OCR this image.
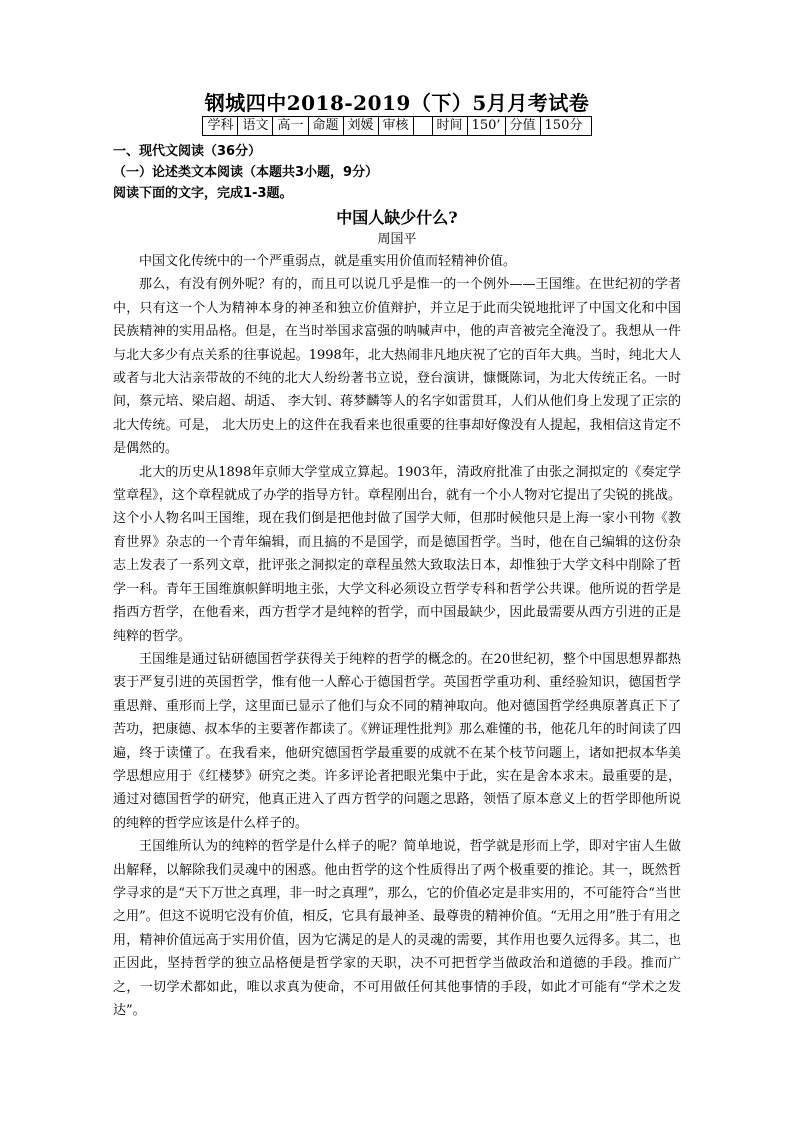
钢城四中2018-2019（下）5月月考试卷
学科	语文	高一	命题	刘媛	审核		时间	150’	分值	150分

一、现代文阅读（36分）

（一）论述类文本阅读（本题共3小题，9分）

阅读下面的文字，完成1-3题。

中国人缺少什么?

周国平

中国文化传统中的一个严重弱点，就是重实用价值而轻精神价值。

那么，有没有例外呢？有的，而且可以说几乎是惟一的一个例外——王国维。在世纪初的学者中，只有这一个人为精神本身的神圣和独立价值辩护，并立足于此而尖锐地批评了中国文化和中国民族精神的实用品格。但是，在当时举国求富强的呐喊声中，他的声音被完全淹没了。我想从一件与北大多少有点关系的往事说起。1998年，北大热闹非凡地庆祝了它的百年大典。当时，纯北大人或者与北大沾亲带故的不纯的北大人纷纷著书立说，登台演讲，慷慨陈词，为北大传统正名。一时间，蔡元培、梁启超、胡适、 李大钊、蒋梦麟等人的名字如雷贯耳，人们从他们身上发现了正宗的北大传统。可是， 北大历史上的这件在我看来也很重要的往事却好像没有人提起，我相信这肯定不是偶然的。

北大的历史从1898年京师大学堂成立算起。1903年，清政府批准了由张之洞拟定的《奏定学堂章程》，这个章程就成了办学的指导方针。章程刚出台，就有一个小人物对它提出了尖锐的挑战。这个小人物名叫王国维，现在我们倒是把他封做了国学大师，但那时候他只是上海一家小刊物《教育世界》杂志的一个青年编辑，而且搞的不是国学，而是德国哲学。当时，他在自己编辑的这份杂志上发表了一系列文章，批评张之洞拟定的章程虽然大致取法日本，却惟独于大学文科中削除了哲学一科。青年王国维旗帜鲜明地主张，大学文科必须设立哲学专科和哲学公共课。他所说的哲学是指西方哲学，在他看来，西方哲学才是纯粹的哲学，而中国最缺少，因此最需要从西方引进的正是纯粹的哲学。

王国维是通过钻研德国哲学获得关于纯粹的哲学的概念的。在20世纪初，整个中国思想界都热衷于严复引进的英国哲学，惟有他一人醉心于德国哲学。英国哲学重功利、重经验知识，德国哲学重思辩、重形而上学，这里面已显示了他们与众不同的精神取向。他对德国哲学经典原著真正下了苦功，把康德、叔本华的主要著作都读了。《辨证理性批判》那么难懂的书，他花几年的时间读了四遍，终于读懂了。在我看来，他研究德国哲学最重要的成就不在某个枝节问题上，诸如把叔本华美学思想应用于《红楼梦》研究之类。许多评论者把眼光集中于此，实在是舍本求末。最重要的是，通过对德国哲学的研究，他真正进入了西方哲学的问题之思路，领悟了原本意义上的哲学即他所说的纯粹的哲学应该是什么样子的。

王国维所认为的纯粹的哲学是什么样子的呢？简单地说，哲学就是形而上学，即对宇宙人生做出解释，以解除我们灵魂中的困惑。他由哲学的这个性质得出了两个极重要的推论。其一，既然哲学寻求的是“天下万世之真理，非一时之真理”，那么，它的价值必定是非实用的，不可能符合“当世之用”。但这不说明它没有价值，相反，它具有最神圣、最尊贵的精神价值。“无用之用”胜于有用之用，精神价值远高于实用价值，因为它满足的是人的灵魂的需要，其作用也要久远得多。其二，也正因此，坚持哲学的独立品格便是哲学家的天职，决不可把哲学当做政治和道德的手段。推而广之，一切学术都如此，唯以求真为使命，不可用做任何其他事情的手段，如此才可能有“学术之发达”。
